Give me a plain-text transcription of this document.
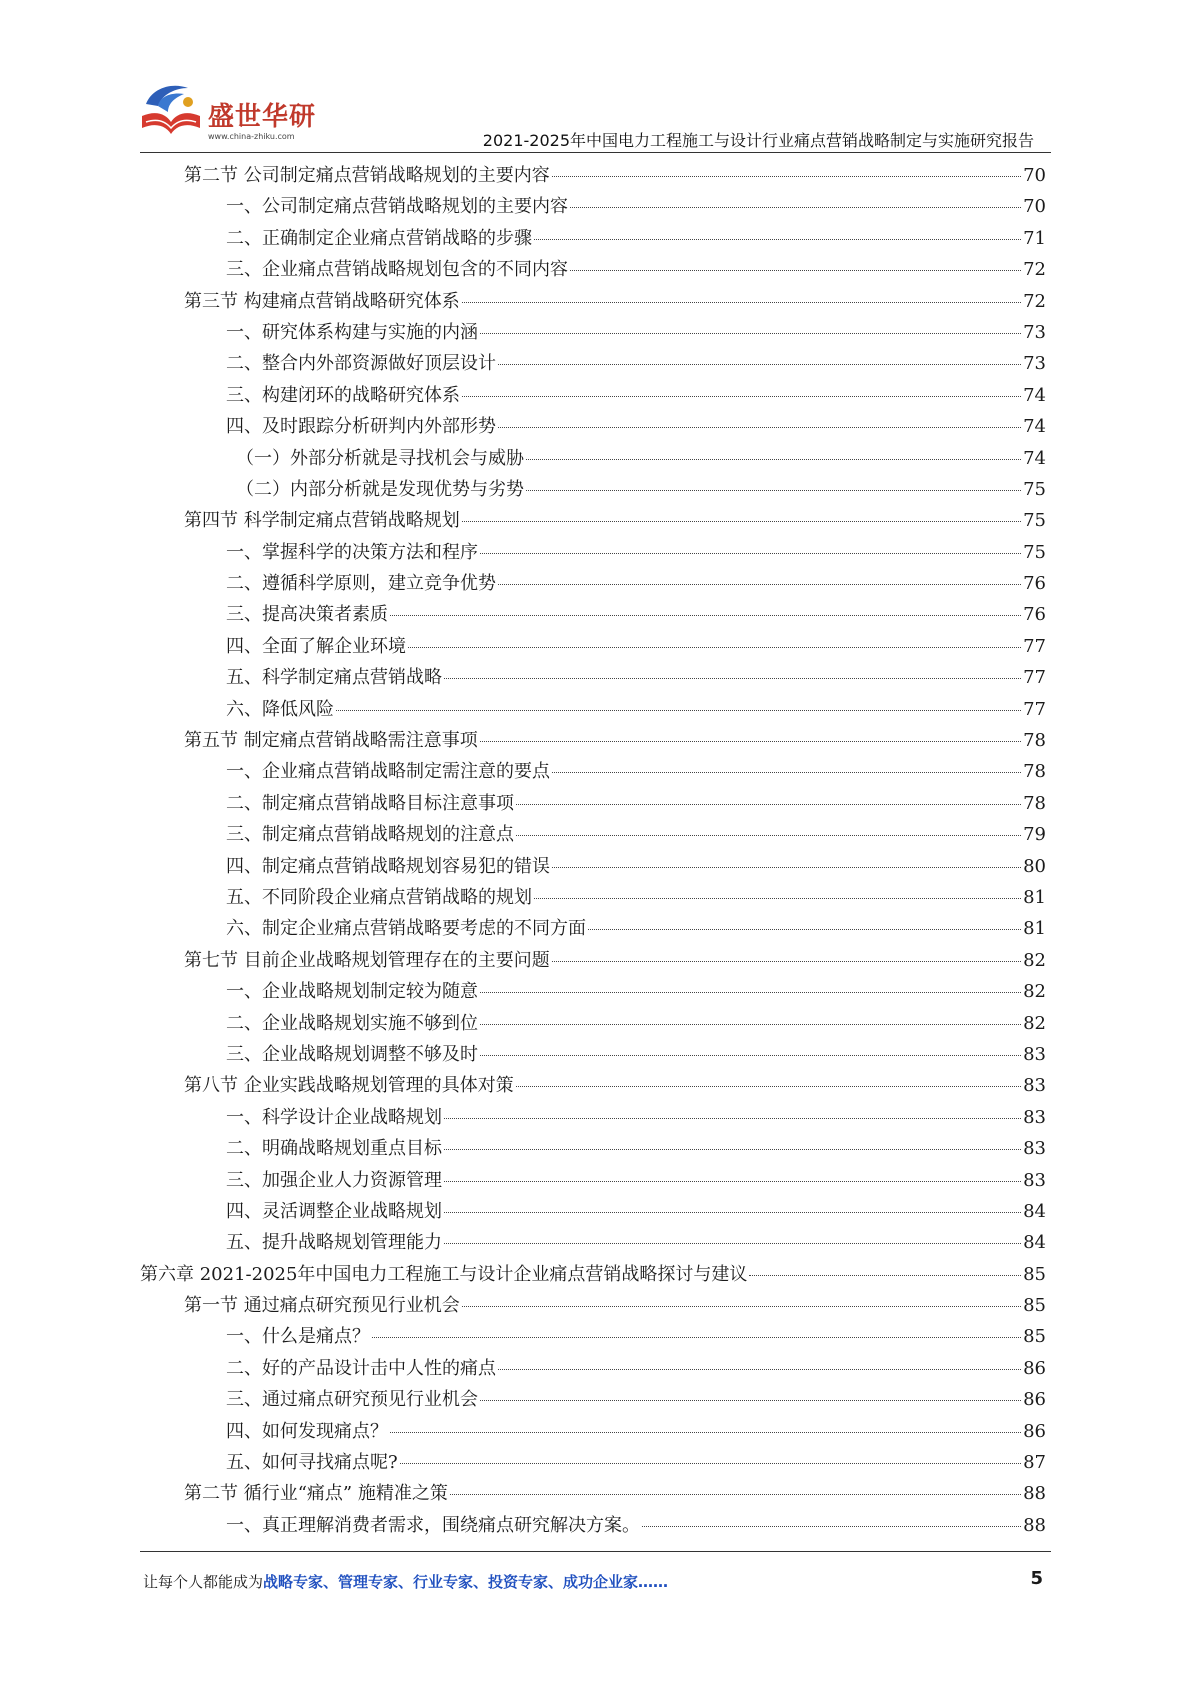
盛世华研
www.china-zhiku.com	2021-2025年中国电力工程施工与设计行业痛点营销战略制定与实施研究报告
第二节 公司制定痛点营销战略规划的主要内容	70
一、公司制定痛点营销战略规划的主要内容	70
二、正确制定企业痛点营销战略的步骤	71
三、企业痛点营销战略规划包含的不同内容	72
第三节 构建痛点营销战略研究体系	72
一、研究体系构建与实施的内涵	73
二、整合内外部资源做好顶层设计	73
三、构建闭环的战略研究体系	74
四、及时跟踪分析研判内外部形势	74
（一）外部分析就是寻找机会与威胁	74
（二）内部分析就是发现优势与劣势	75
第四节 科学制定痛点营销战略规划	75
一、掌握科学的决策方法和程序	75
二、遵循科学原则，建立竞争优势	76
三、提高决策者素质	76
四、全面了解企业环境	77
五、科学制定痛点营销战略	77
六、降低风险	77
第五节 制定痛点营销战略需注意事项	78
一、企业痛点营销战略制定需注意的要点	78
二、制定痛点营销战略目标注意事项	78
三、制定痛点营销战略规划的注意点	79
四、制定痛点营销战略规划容易犯的错误	80
五、不同阶段企业痛点营销战略的规划	81
六、制定企业痛点营销战略要考虑的不同方面	81
第七节 目前企业战略规划管理存在的主要问题	82
一、企业战略规划制定较为随意	82
二、企业战略规划实施不够到位	82
三、企业战略规划调整不够及时	83
第八节 企业实践战略规划管理的具体对策	83
一、科学设计企业战略规划	83
二、明确战略规划重点目标	83
三、加强企业人力资源管理	83
四、灵活调整企业战略规划	84
五、提升战略规划管理能力	84
第六章 2021-2025年中国电力工程施工与设计企业痛点营销战略探讨与建议	85
第一节 通过痛点研究预见行业机会	85
一、什么是痛点？	85
二、好的产品设计击中人性的痛点	86
三、通过痛点研究预见行业机会	86
四、如何发现痛点？	86
五、如何寻找痛点呢?	87
第二节 循行业“痛点” 施精准之策	88
一、真正理解消费者需求，围绕痛点研究解决方案。	88
让每个人都能成为战略专家、管理专家、行业专家、投资专家、成功企业家……	5
